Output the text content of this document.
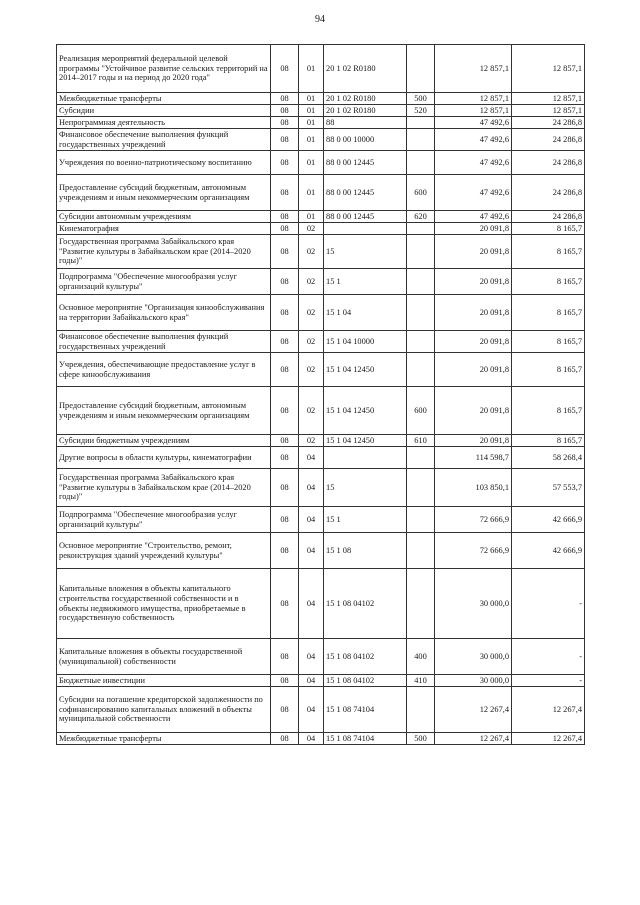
94
Реализация мероприятий федеральной целевой программы "Устойчивое развитие сельских территорий на 2014–2017 годы и на период до 2020 года"	08	01	20 1 02 R0180		12 857,1	12 857,1
Межбюджетные трансферты	08	01	20 1 02 R0180	500	12 857,1	12 857,1
Субсидии	08	01	20 1 02 R0180	520	12 857,1	12 857,1
Непрограммная деятельность	08	01	88		47 492,6	24 286,8
Финансовое обеспечение выполнения функций государственных учреждений	08	01	88 0 00 10000		47 492,6	24 286,8
Учреждения по военно-патриотическому воспитанию	08	01	88 0 00 12445		47 492,6	24 286,8
Предоставление субсидий бюджетным, автономным учреждениям и иным некоммерческим организациям	08	01	88 0 00 12445	600	47 492,6	24 286,8
Субсидии автономным учреждениям	08	01	88 0 00 12445	620	47 492,6	24 286,8
Кинематография	08	02			20 091,8	8 165,7
Государственная программа Забайкальского края "Развитие культуры в Забайкальском крае (2014–2020 годы)"	08	02	15		20 091,8	8 165,7
Подпрограмма "Обеспечение многообразия услуг организаций культуры"	08	02	15 1		20 091,8	8 165,7
Основное мероприятие "Организация кинообслуживания на территории Забайкальского края"	08	02	15 1 04		20 091,8	8 165,7
Финансовое обеспечение выполнения функций государственных учреждений	08	02	15 1 04 10000		20 091,8	8 165,7
Учреждения, обеспечивающие предоставление услуг в сфере кинообслуживания	08	02	15 1 04 12450		20 091,8	8 165,7
Предоставление субсидий бюджетным, автономным учреждениям и иным некоммерческим организациям	08	02	15 1 04 12450	600	20 091,8	8 165,7
Субсидии бюджетным учреждениям	08	02	15 1 04 12450	610	20 091,8	8 165,7
Другие вопросы в области культуры, кинематографии	08	04			114 598,7	58 268,4
Государственная программа Забайкальского края "Развитие культуры в Забайкальском крае (2014–2020 годы)"	08	04	15		103 850,1	57 553,7
Подпрограмма "Обеспечение многообразия услуг организаций культуры"	08	04	15 1		72 666,9	42 666,9
Основное мероприятие "Строительство, ремонт, реконструкция зданий учреждений культуры"	08	04	15 1 08		72 666,9	42 666,9
Капитальные вложения в объекты капитального строительства государственной собственности и в объекты недвижимого имущества, приобретаемые в государственную собственность	08	04	15 1 08 04102		30 000,0	-
Капитальные вложения в объекты государственной (муниципальной) собственности	08	04	15 1 08 04102	400	30 000,0	-
Бюджетные инвестиции	08	04	15 1 08 04102	410	30 000,0	-
Субсидии на погашение кредиторской задолженности по софинансированию капитальных вложений в объекты муниципальной собственности	08	04	15 1 08 74104		12 267,4	12 267,4
Межбюджетные трансферты	08	04	15 1 08 74104	500	12 267,4	12 267,4
